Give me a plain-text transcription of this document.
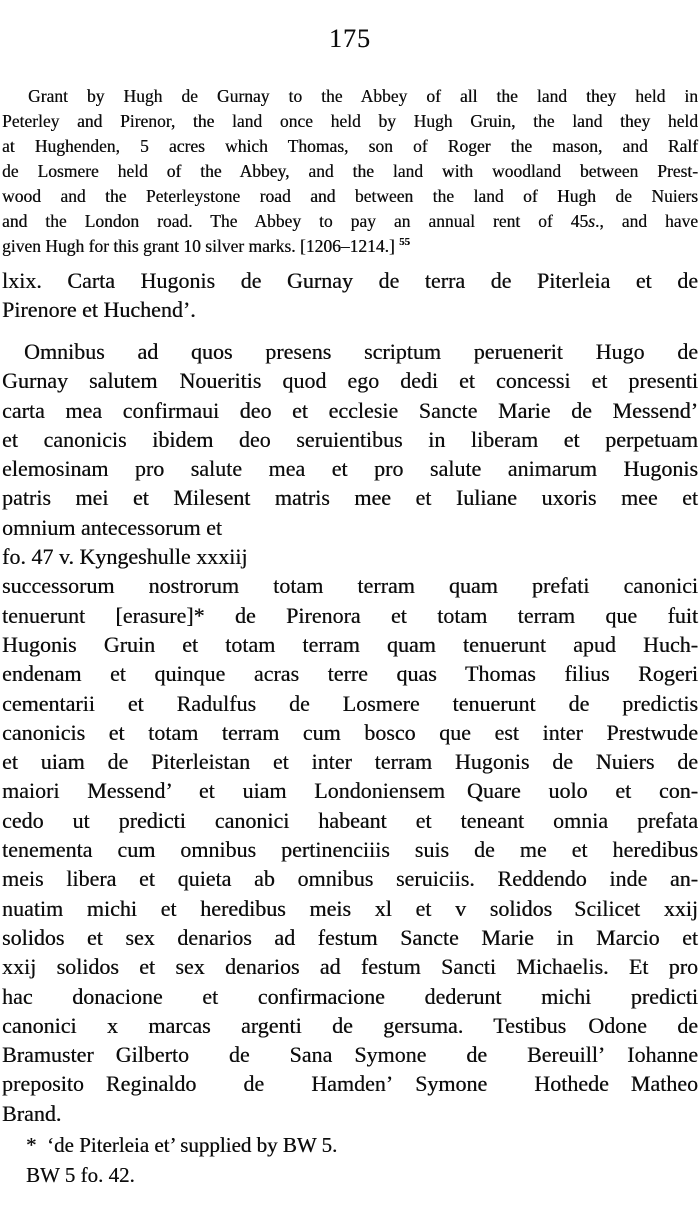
175
Grant by Hugh de Gurnay to the Abbey of all the land they held in
Peterley and Pirenor, the land once held by Hugh Gruin, the land they held
at Hughenden, 5 acres which Thomas, son of Roger the mason, and Ralf
de Losmere held of the Abbey, and the land with woodland between Prest-
wood and the Peterleystone road and between the land of Hugh de Nuiers
and the London road. The Abbey to pay an annual rent of 45s., and have
given Hugh for this grant 10 silver marks. [1206–1214.] $^{55}$
lxix. Carta Hugonis de Gurnay de terra de Piterleia et de
Pirenore et Huchend’.
Omnibus ad quos presens scriptum peruenerit Hugo de
Gurnay salutem Noueritis quod ego dedi et concessi et presenti
carta mea confirmaui deo et ecclesie Sancte Marie de Messend’
et canonicis ibidem deo seruientibus in liberam et perpetuam
elemosinam pro salute mea et pro salute animarum Hugonis
patris mei et Milesent matris mee et Iuliane uxoris mee et
omnium antecessorum et
fo. 47 v. Kyngeshulle xxxiij
successorum nostrorum totam terram quam prefati canonici
tenuerunt [erasure]* de Pirenora et totam terram que fuit
Hugonis Gruin et totam terram quam tenuerunt apud Huch-
endenam et quinque acras terre quas Thomas filius Rogeri
cementarii et Radulfus de Losmere tenuerunt de predictis
canonicis et totam terram cum bosco que est inter Prestwude
et uiam de Piterleistan et inter terram Hugonis de Nuiers de
maiori Messend’ et uiam Londoniensem Quare uolo et con-
cedo ut predicti canonici habeant et teneant omnia prefata
tenementa cum omnibus pertinenciiis suis de me et heredibus
meis libera et quieta ab omnibus seruiciis. Reddendo inde an-
nuatim michi et heredibus meis xl et v solidos Scilicet xxij
solidos et sex denarios ad festum Sancte Marie in Marcio et
xxij solidos et sex denarios ad festum Sancti Michaelis. Et pro
hac donacione et confirmacione dederunt michi predicti
canonici x marcas argenti de gersuma. Testibus Odone de
Bramuster Gilberto de Sana Symone de Bereuill’ Iohanne
preposito Reginaldo de Hamden’ Symone Hothede Matheo
Brand.
* ‘de Piterleia et’ supplied by BW 5.
BW 5 fo. 42.
